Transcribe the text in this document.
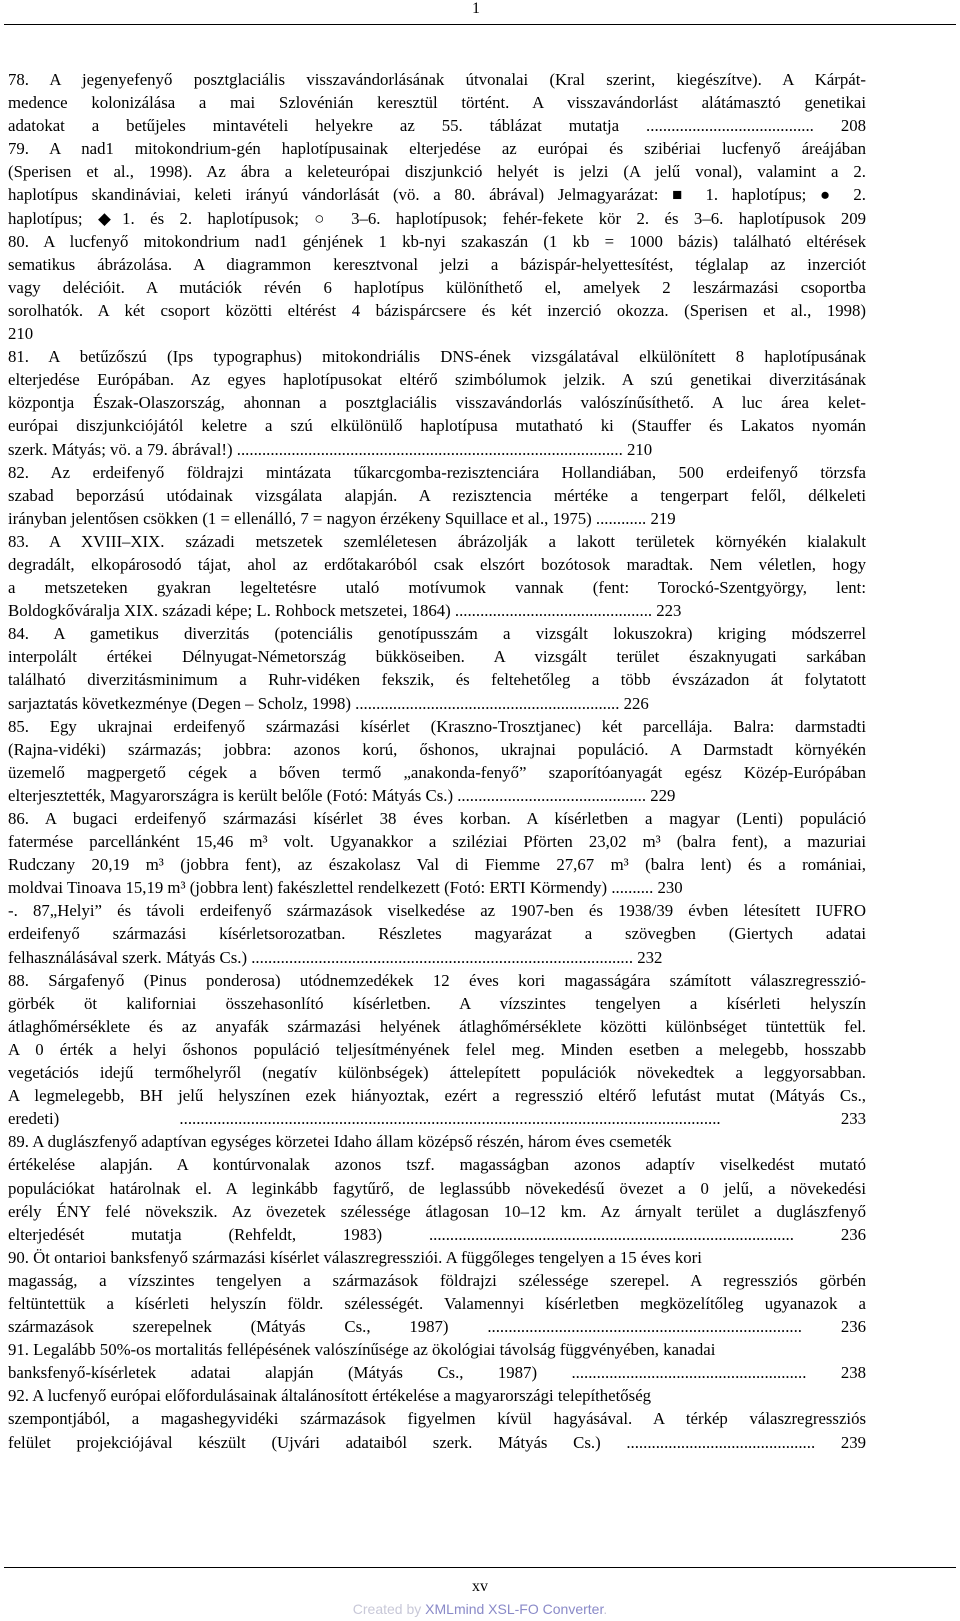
1
78. A jegenyefenyő posztglaciális visszavándorlásának útvonalai (Kral szerint, kiegészítve). A Kárpát-
medence kolonizálása a mai Szlovénián keresztül történt. A visszavándorlást alátámasztó genetikai
adatokat a betűjeles mintavételi helyekre az 55. táblázat mutatja ........................................ 208
79. A nad1 mitokondrium-gén haplotípusainak elterjedése az európai és szibériai lucfenyő áreájában
(Sperisen et al., 1998). Az ábra a keleteurópai diszjunkció helyét is jelzi (A jelű vonal), valamint a 2.
haplotípus skandináviai, keleti irányú vándorlását (vö. a 80. ábrával) Jelmagyarázat: ■ 1. haplotípus; ● 2.
haplotípus; ◆1. és 2. haplotípusok; ○ 3–6. haplotípusok; fehér-fekete kör 2. és 3–6. haplotípusok 209
80. A lucfenyő mitokondrium nad1 génjének 1 kb-nyi szakaszán (1 kb = 1000 bázis) található eltérések
sematikus ábrázolása. A diagrammon keresztvonal jelzi a bázispár-helyettesítést, téglalap az inzerciót
vagy delécióit. A mutációk révén 6 haplotípus különíthető el, amelyek 2 leszármazási csoportba
sorolhatók. A két csoport közötti eltérést 4 bázispárcsere és két inzerció okozza. (Sperisen et al., 1998)
210
81. A betűzőszú (Ips typographus) mitokondriális DNS-ének vizsgálatával elkülönített 8 haplotípusának
elterjedése Európában. Az egyes haplotípusokat eltérő szimbólumok jelzik. A szú genetikai diverzitásának
központja Észak-Olaszország, ahonnan a posztglaciális visszavándorlás valószínűsíthető. A luc área kelet-
európai diszjunkciójától keletre a szú elkülönülő haplotípusa mutatható ki (Stauffer és Lakatos nyomán
szerk. Mátyás; vö. a 79. ábrával!) ............................................................................................ 210
82. Az erdeifenyő földrajzi mintázata tűkarcgomba-rezisztenciára Hollandiában, 500 erdeifenyő törzsfa
szabad beporzású utódainak vizsgálata alapján. A rezisztencia mértéke a tengerpart felől, délkeleti
irányban jelentősen csökken (1 = ellenálló, 7 = nagyon érzékeny Squillace et al., 1975) ............ 219
83. A XVIII‒XIX. századi metszetek szemléletesen ábrázolják a lakott területek környékén kialakult
degradált, elkopárosodó tájat, ahol az erdőtakaróból csak elszórt bozótosok maradtak. Nem véletlen, hogy
a metszeteken gyakran legeltetésre utaló motívumok vannak (fent: Torockó-Szentgyörgy, lent:
Boldogkőváralja XIX. századi képe; L. Rohbock metszetei, 1864) ............................................... 223
84. A gametikus diverzitás (potenciális genotípusszám a vizsgált lokuszokra) kriging módszerrel
interpolált értékei Délnyugat-Németország bükköseiben. A vizsgált terület északnyugati sarkában
található diverzitásminimum a Ruhr-vidéken fekszik, és feltehetőleg a több évszázadon át folytatott
sarjaztatás következménye (Degen ‒ Scholz, 1998) ............................................................... 226
85. Egy ukrajnai erdeifenyő származási kísérlet (Kraszno-Trosztjanec) két parcellája. Balra: darmstadti
(Rajna-vidéki) származás; jobbra: azonos korú, őshonos, ukrajnai populáció. A Darmstadt környékén
üzemelő magpergető cégek a bőven termő „anakonda-fenyő” szaporítóanyagát egész Közép-Európában
elterjesztették, Magyarországra is került belőle (Fotó: Mátyás Cs.) ............................................. 229
86. A bugaci erdeifenyő származási kísérlet 38 éves korban. A kísérletben a magyar (Lenti) populáció
fatermése parcellánként 15,46 m³ volt. Ugyanakkor a sziléziai Pförten 23,02 m³ (balra fent), a mazuriai
Rudczany 20,19 m³ (jobbra fent), az északolasz Val di Fiemme 27,67 m³ (balra lent) és a romániai,
moldvai Tinoava 15,19 m³ (jobbra lent) fakészlettel rendelkezett (Fotó: ERTI Körmendy) .......... 230
-. 87„Helyi” és távoli erdeifenyő származások viselkedése az 1907-ben és 1938/39 évben létesített IUFRO
erdeifenyő származási kísérletsorozatban. Részletes magyarázat a szövegben (Giertych adatai
felhasználásával szerk. Mátyás Cs.) ........................................................................................... 232
88. Sárgafenyő (Pinus ponderosa) utódnemzedékek 12 éves kori magasságára számított válaszregresszió-
görbék öt kaliforniai összehasonlító kísérletben. A vízszintes tengelyen a kísérleti helyszín
átlaghőmérséklete és az anyafák származási helyének átlaghőmérséklete közötti különbséget tüntettük fel.
A 0 érték a helyi őshonos populáció teljesítményének felel meg. Minden esetben a melegebb, hosszabb
vegetációs idejű termőhelyről (negatív különbségek) áttelepített populációk növekedtek a leggyorsabban.
A legmelegebb, BH jelű helyszínen ezek hiányoztak, ezért a regresszió eltérő lefutást mutat (Mátyás Cs.,
eredeti) ................................................................................................................................. 233
89. A duglászfenyő adaptívan egységes körzetei Idaho állam középső részén, három éves csemeték
értékelése alapján. A kontúrvonalak azonos tszf. magasságban azonos adaptív viselkedést mutató
populációkat határolnak el. A leginkább fagytűrő, de leglassúbb növekedésű övezet a 0 jelű, a növekedési
erély ÉNY felé növekszik. Az övezetek szélessége átlagosan 10‒12 km. Az árnyalt terület a duglászfenyő
elterjedését mutatja (Rehfeldt, 1983) ....................................................................................... 236
90. Öt ontarioi banksfenyő származási kísérlet válaszregressziói. A függőleges tengelyen a 15 éves kori
magasság, a vízszintes tengelyen a származások földrajzi szélessége szerepel. A regressziós görbén
feltüntettük a kísérleti helyszín földr. szélességét. Valamennyi kísérletben megközelítőleg ugyanazok a
származások szerepelnek (Mátyás Cs., 1987) ........................................................................... 236
91. Legalább 50%-os mortalitás fellépésének valószínűsége az ökológiai távolság függvényében, kanadai
banksfenyő-kísérletek adatai alapján (Mátyás Cs., 1987) ........................................................ 238
92. A lucfenyő európai előfordulásainak általánosított értékelése a magyarországi telepíthetőség
szempontjából, a magashegyvidéki származások figyelmen kívül hagyásával. A térkép válaszregressziós
felület projekciójával készült (Ujvári adataiból szerk. Mátyás Cs.) ............................................. 239
xv
Created by XMLmind XSL-FO Converter.
